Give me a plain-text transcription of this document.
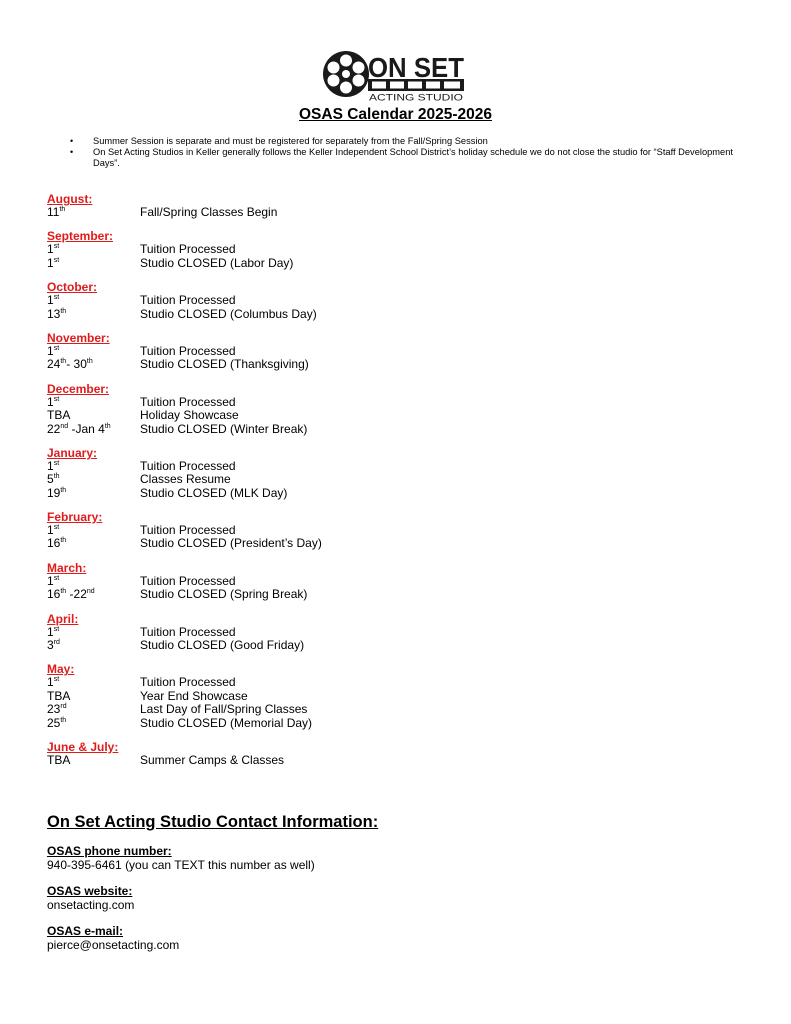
ON SET
ACTING STUDIO
OSAS Calendar 2025-2026
• Summer Session is separate and must be registered for separately from the Fall/Spring Session
• On Set Acting Studios in Keller generally follows the Keller Independent School District’s holiday schedule we do not close the studio for “Staff Development Days”.
August:
11th	Fall/Spring Classes Begin
September:
1st	Tuition Processed
1st	Studio CLOSED (Labor Day)
October:
1st	Tuition Processed
13th	Studio CLOSED (Columbus Day)
November:
1st	Tuition Processed
24th- 30th	Studio CLOSED (Thanksgiving)
December:
1st	Tuition Processed
TBA	Holiday Showcase
22nd -Jan 4th	Studio CLOSED (Winter Break)
January:
1st	Tuition Processed
5th	Classes Resume
19th	Studio CLOSED (MLK Day)
February:
1st	Tuition Processed
16th	Studio CLOSED (President’s Day)
March:
1st	Tuition Processed
16th -22nd	Studio CLOSED (Spring Break)
April:
1st	Tuition Processed
3rd	Studio CLOSED (Good Friday)
May:
1st	Tuition Processed
TBA	Year End Showcase
23rd	Last Day of Fall/Spring Classes
25th	Studio CLOSED (Memorial Day)
June & July:
TBA	Summer Camps & Classes
On Set Acting Studio Contact Information:
OSAS phone number:
940-395-6461 (you can TEXT this number as well)
OSAS website:
onsetacting.com
OSAS e-mail:
pierce@onsetacting.com
